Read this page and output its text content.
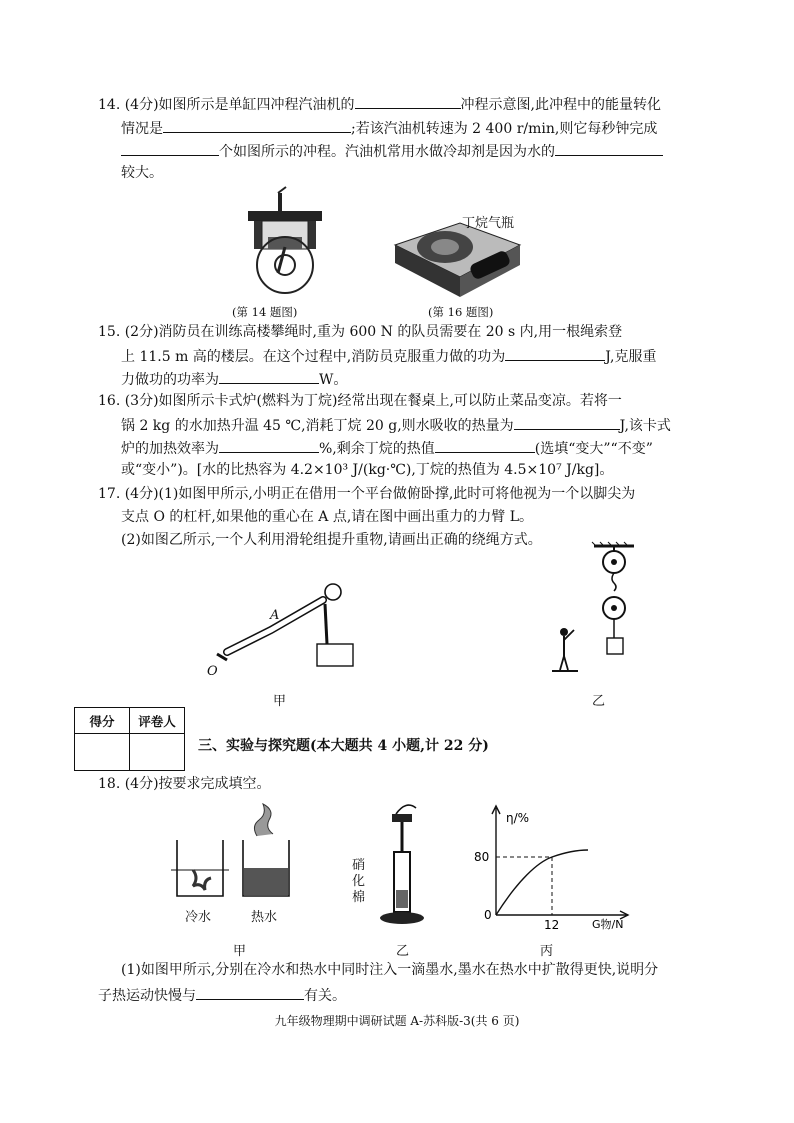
14. (4分)如图所示是单缸四冲程汽油机的	冲程示意图,此冲程中的能量转化
情况是	;若该汽油机转速为 2 400 r/min,则它每秒钟完成
个如图所示的冲程。汽油机常用水做冷却剂是因为水的
较大。
丁烷气瓶
(第 14 题图)	(第 16 题图)
15. (2分)消防员在训练高楼攀绳时,重为 600 N 的队员需要在 20 s 内,用一根绳索登
上 11.5 m 高的楼层。在这个过程中,消防员克服重力做的功为	J,克服重
力做功的功率为	W。
16. (3分)如图所示卡式炉(燃料为丁烷)经常出现在餐桌上,可以防止菜品变凉。若将一
锅 2 kg 的水加热升温 45 ℃,消耗丁烷 20 g,则水吸收的热量为	J,该卡式
炉的加热效率为	%,剩余丁烷的热值	(选填“变大”“不变”
或“变小”)。[水的比热容为 4.2×10³ J/(kg·℃),丁烷的热值为 4.5×10⁷ J/kg]。
17. (4分)(1)如图甲所示,小明正在借用一个平台做俯卧撑,此时可将他视为一个以脚尖为
支点 O 的杠杆,如果他的重心在 A 点,请在图中画出重力的力臂 L。
(2)如图乙所示,一个人利用滑轮组提升重物,请画出正确的绕绳方式。
A
O
甲	乙
得分	评卷人

三、实验与探究题(本大题共 4 小题,计 22 分)
18. (4分)按要求完成填空。
冷水	热水
甲
硝化棉
乙
η/%
80
0
12	G物/N
丙
(1)如图甲所示,分别在冷水和热水中同时注入一滴墨水,墨水在热水中扩散得更快,说明分
子热运动快慢与	有关。
九年级物理期中调研试题 A-苏科版-3(共 6 页)
